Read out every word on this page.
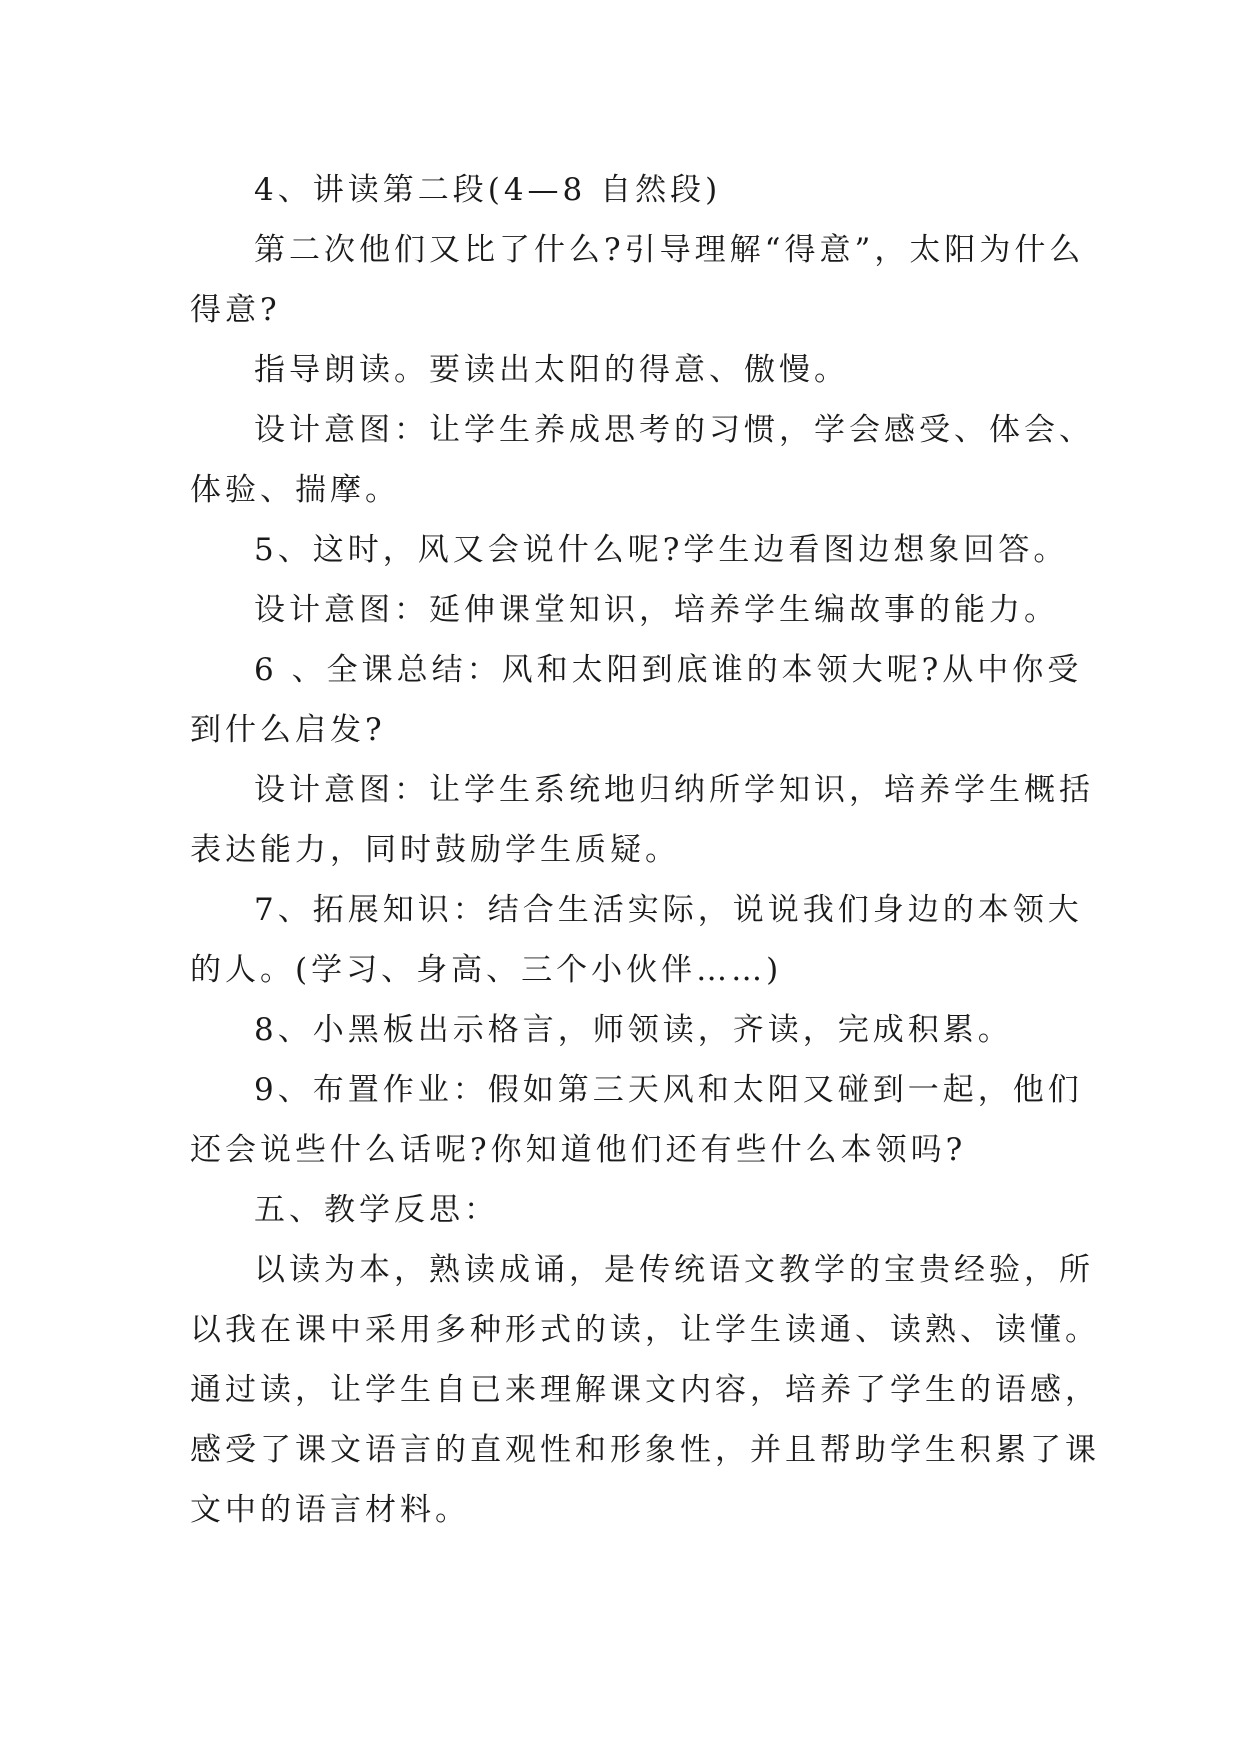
4、讲读第二段(4—8 自然段)
第二次他们又比了什么?引导理解“得意”，太阳为什么
得意?
指导朗读。要读出太阳的得意、傲慢。
设计意图：让学生养成思考的习惯，学会感受、体会、
体验、揣摩。
5、这时，风又会说什么呢?学生边看图边想象回答。
设计意图：延伸课堂知识，培养学生编故事的能力。
6 、全课总结：风和太阳到底谁的本领大呢?从中你受
到什么启发?
设计意图：让学生系统地归纳所学知识，培养学生概括
表达能力，同时鼓励学生质疑。
7、拓展知识：结合生活实际，说说我们身边的本领大
的人。(学习、身高、三个小伙伴……)
8、小黑板出示格言，师领读，齐读，完成积累。
9、布置作业：假如第三天风和太阳又碰到一起，他们
还会说些什么话呢?你知道他们还有些什么本领吗?
五、教学反思：
以读为本，熟读成诵，是传统语文教学的宝贵经验，所
以我在课中采用多种形式的读，让学生读通、读熟、读懂。
通过读，让学生自已来理解课文内容，培养了学生的语感，
感受了课文语言的直观性和形象性，并且帮助学生积累了课
文中的语言材料。
